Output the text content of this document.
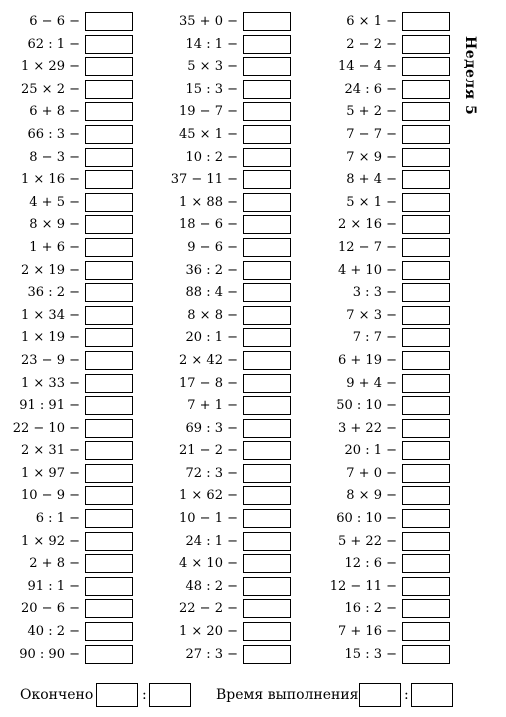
6 − 6 −
62 : 1 −
1 × 29 −
25 × 2 −
6 + 8 −
66 : 3 −
8 − 3 −
1 × 16 −
4 + 5 −
8 × 9 −
1 + 6 −
2 × 19 −
36 : 2 −
1 × 34 −
1 × 19 −
23 − 9 −
1 × 33 −
91 : 91 −
22 − 10 −
2 × 31 −
1 × 97 −
10 − 9 −
6 : 1 −
1 × 92 −
2 + 8 −
91 : 1 −
20 − 6 −
40 : 2 −
90 : 90 −
35 + 0 −
14 : 1 −
5 × 3 −
15 : 3 −
19 − 7 −
45 × 1 −
10 : 2 −
37 − 11 −
1 × 88 −
18 − 6 −
9 − 6 −
36 : 2 −
88 : 4 −
8 × 8 −
20 : 1 −
2 × 42 −
17 − 8 −
7 + 1 −
69 : 3 −
21 − 2 −
72 : 3 −
1 × 62 −
10 − 1 −
24 : 1 −
4 × 10 −
48 : 2 −
22 − 2 −
1 × 20 −
27 : 3 −
6 × 1 −
2 − 2 −
14 − 4 −
24 : 6 −
5 + 2 −
7 − 7 −
7 × 9 −
8 + 4 −
5 × 1 −
2 × 16 −
12 − 7 −
4 + 10 −
3 : 3 −
7 × 3 −
7 : 7 −
6 + 19 −
9 + 4 −
50 : 10 −
3 + 22 −
20 : 1 −
7 + 0 −
8 × 9 −
60 : 10 −
5 + 22 −
12 : 6 −
12 − 11 −
16 : 2 −
7 + 16 −
15 : 3 −
Неделя 5
Окончено	:	Время выполнения	:
